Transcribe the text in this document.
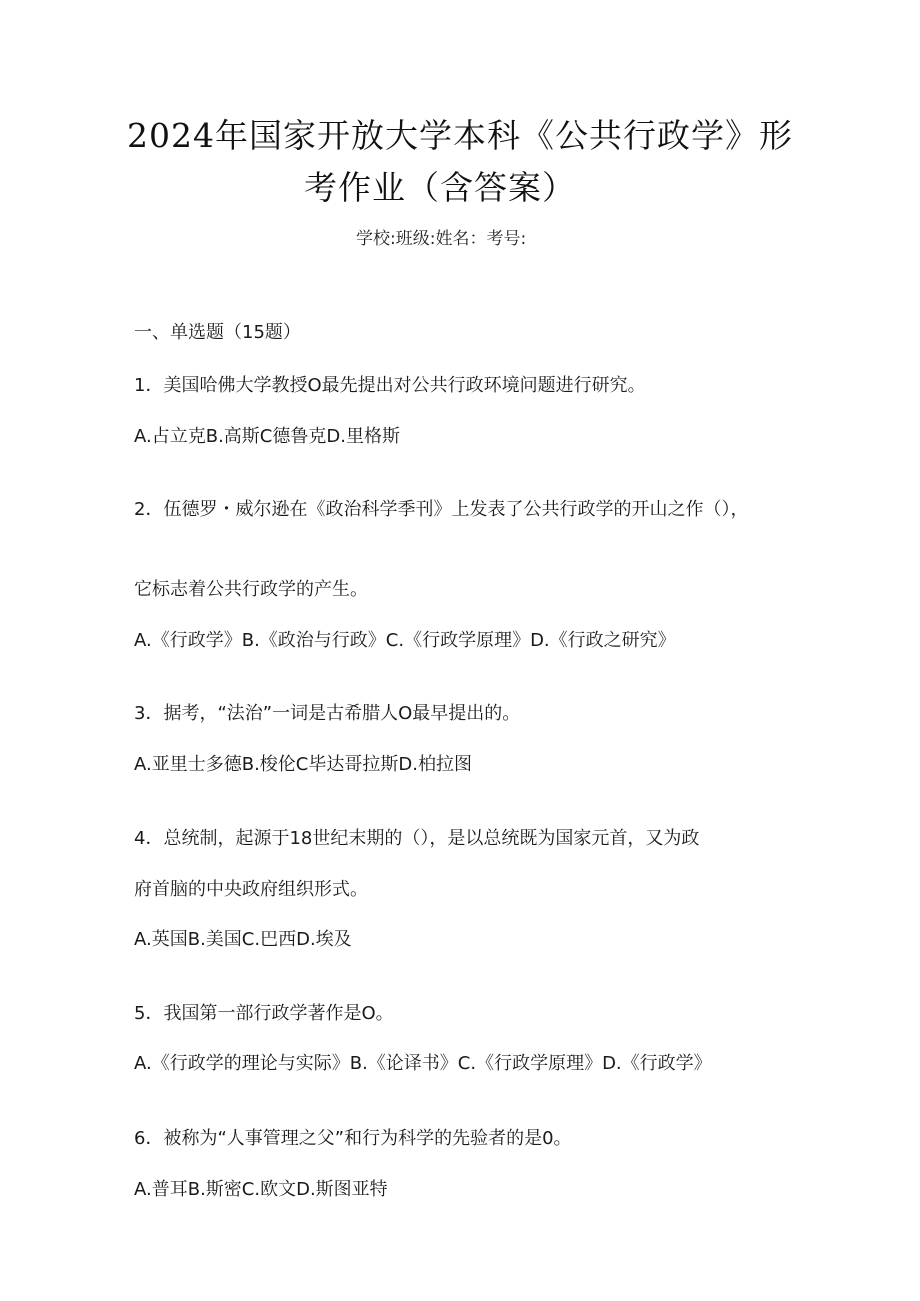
2024年国家开放大学本科《公共行政学》形
考作业（含答案）
学校:班级:姓名：考号:
一、单选题（15题）
1．美国哈佛大学教授O最先提出对公共行政环境问题进行研究。
A.占立克B.高斯C德鲁克D.里格斯
2．伍德罗・威尔逊在《政治科学季刊》上发表了公共行政学的开山之作（），
它标志着公共行政学的产生。
A.《行政学》B.《政治与行政》C.《行政学原理》D.《行政之研究》
3．据考，“法治”一词是古希腊人O最早提出的。
A.亚里士多德B.梭伦C毕达哥拉斯D.柏拉图
4．总统制，起源于18世纪末期的（），是以总统既为国家元首，又为政
府首脑的中央政府组织形式。
A.英国B.美国C.巴西D.埃及
5．我国第一部行政学著作是O。
A.《行政学的理论与实际》B.《论译书》C.《行政学原理》D.《行政学》
6．被称为“人事管理之父”和行为科学的先验者的是0。
A.普耳B.斯密C.欧文D.斯图亚特
